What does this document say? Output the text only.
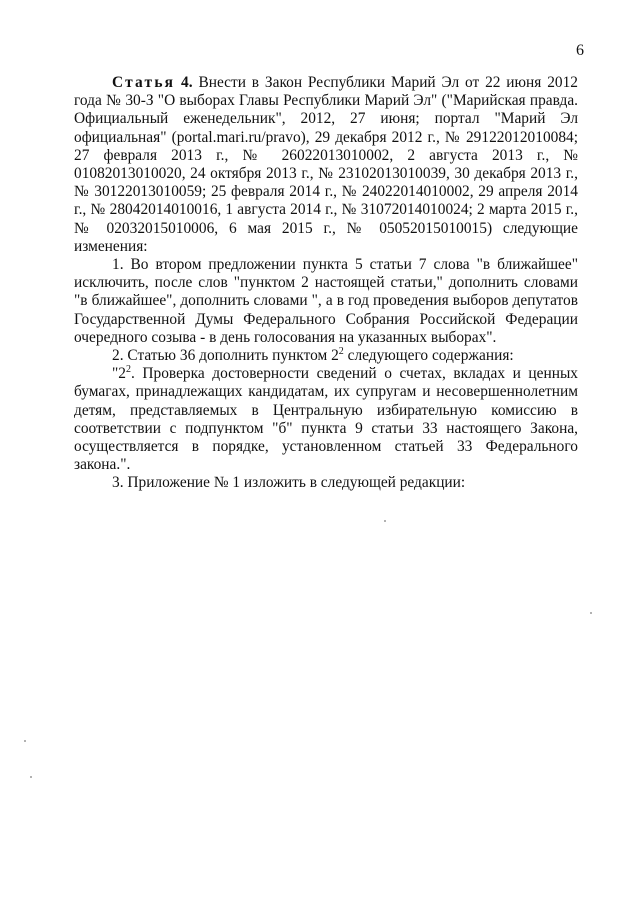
6

Статья 4. Внести в Закон Республики Марий Эл от 22 июня 2012 года № 30-З "О выборах Главы Республики Марий Эл" ("Марийская правда. Официальный еженедельник", 2012, 27 июня; портал "Марий Эл официальная" (portal.mari.ru/pravo), 29 декабря 2012 г., № 29122012010084; 27 февраля 2013 г., № 26022013010002, 2 августа 2013 г., № 01082013010020, 24 октября 2013 г., № 23102013010039, 30 декабря 2013 г., № 30122013010059; 25 февраля 2014 г., № 24022014010002, 29 апреля 2014 г., № 28042014010016, 1 августа 2014 г., № 31072014010024; 2 марта 2015 г., № 02032015010006, 6 мая 2015 г., № 05052015010015) следующие изменения:

1. Во втором предложении пункта 5 статьи 7 слова "в ближайшее" исключить, после слов "пунктом 2 настоящей статьи," дополнить словами "в ближайшее", дополнить словами ", а в год проведения выборов депутатов Государственной Думы Федерального Собрания Российской Федерации очередного созыва - в день голосования на указанных выборах".

2. Статью 36 дополнить пунктом $2^2$ следующего содержания:

"$2^2$. Проверка достоверности сведений о счетах, вкладах и ценных бумагах, принадлежащих кандидатам, их супругам и несовершеннолетним детям, представляемых в Центральную избирательную комиссию в соответствии с подпунктом "б" пункта 9 статьи 33 настоящего Закона, осуществляется в порядке, установленном статьей 33 Федерального закона.".

3. Приложение № 1 изложить в следующей редакции:
